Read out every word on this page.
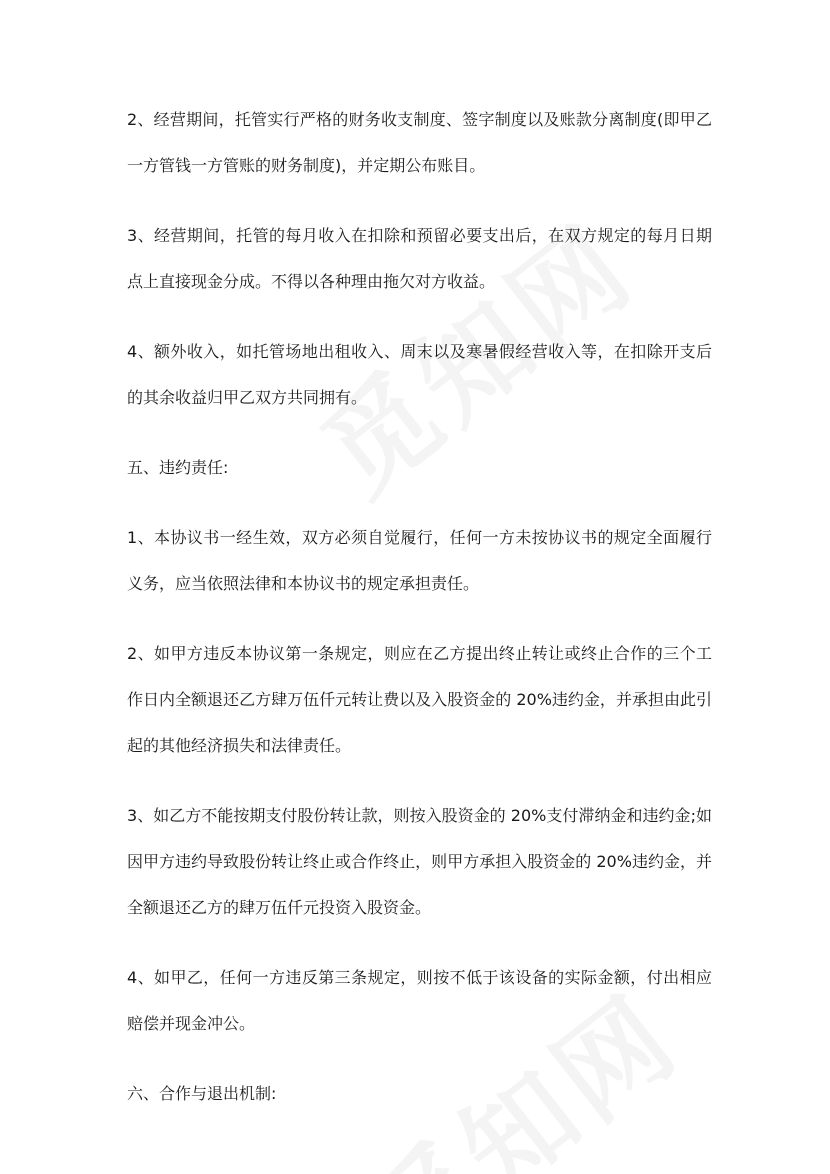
2、经营期间，托管实行严格的财务收支制度、签字制度以及账款分离制度(即甲乙一方管钱一方管账的财务制度)，并定期公布账目。

3、经营期间，托管的每月收入在扣除和预留必要支出后，在双方规定的每月日期点上直接现金分成。不得以各种理由拖欠对方收益。

4、额外收入，如托管场地出租收入、周末以及寒暑假经营收入等，在扣除开支后的其余收益归甲乙双方共同拥有。

五、违约责任:

1、本协议书一经生效，双方必须自觉履行，任何一方未按协议书的规定全面履行义务，应当依照法律和本协议书的规定承担责任。

2、如甲方违反本协议第一条规定，则应在乙方提出终止转让或终止合作的三个工作日内全额退还乙方肆万伍仟元转让费以及入股资金的 20%违约金，并承担由此引起的其他经济损失和法律责任。

3、如乙方不能按期支付股份转让款，则按入股资金的 20%支付滞纳金和违约金;如因甲方违约导致股份转让终止或合作终止，则甲方承担入股资金的 20%违约金，并全额退还乙方的肆万伍仟元投资入股资金。

4、如甲乙，任何一方违反第三条规定，则按不低于该设备的实际金额，付出相应赔偿并现金冲公。

六、合作与退出机制:
